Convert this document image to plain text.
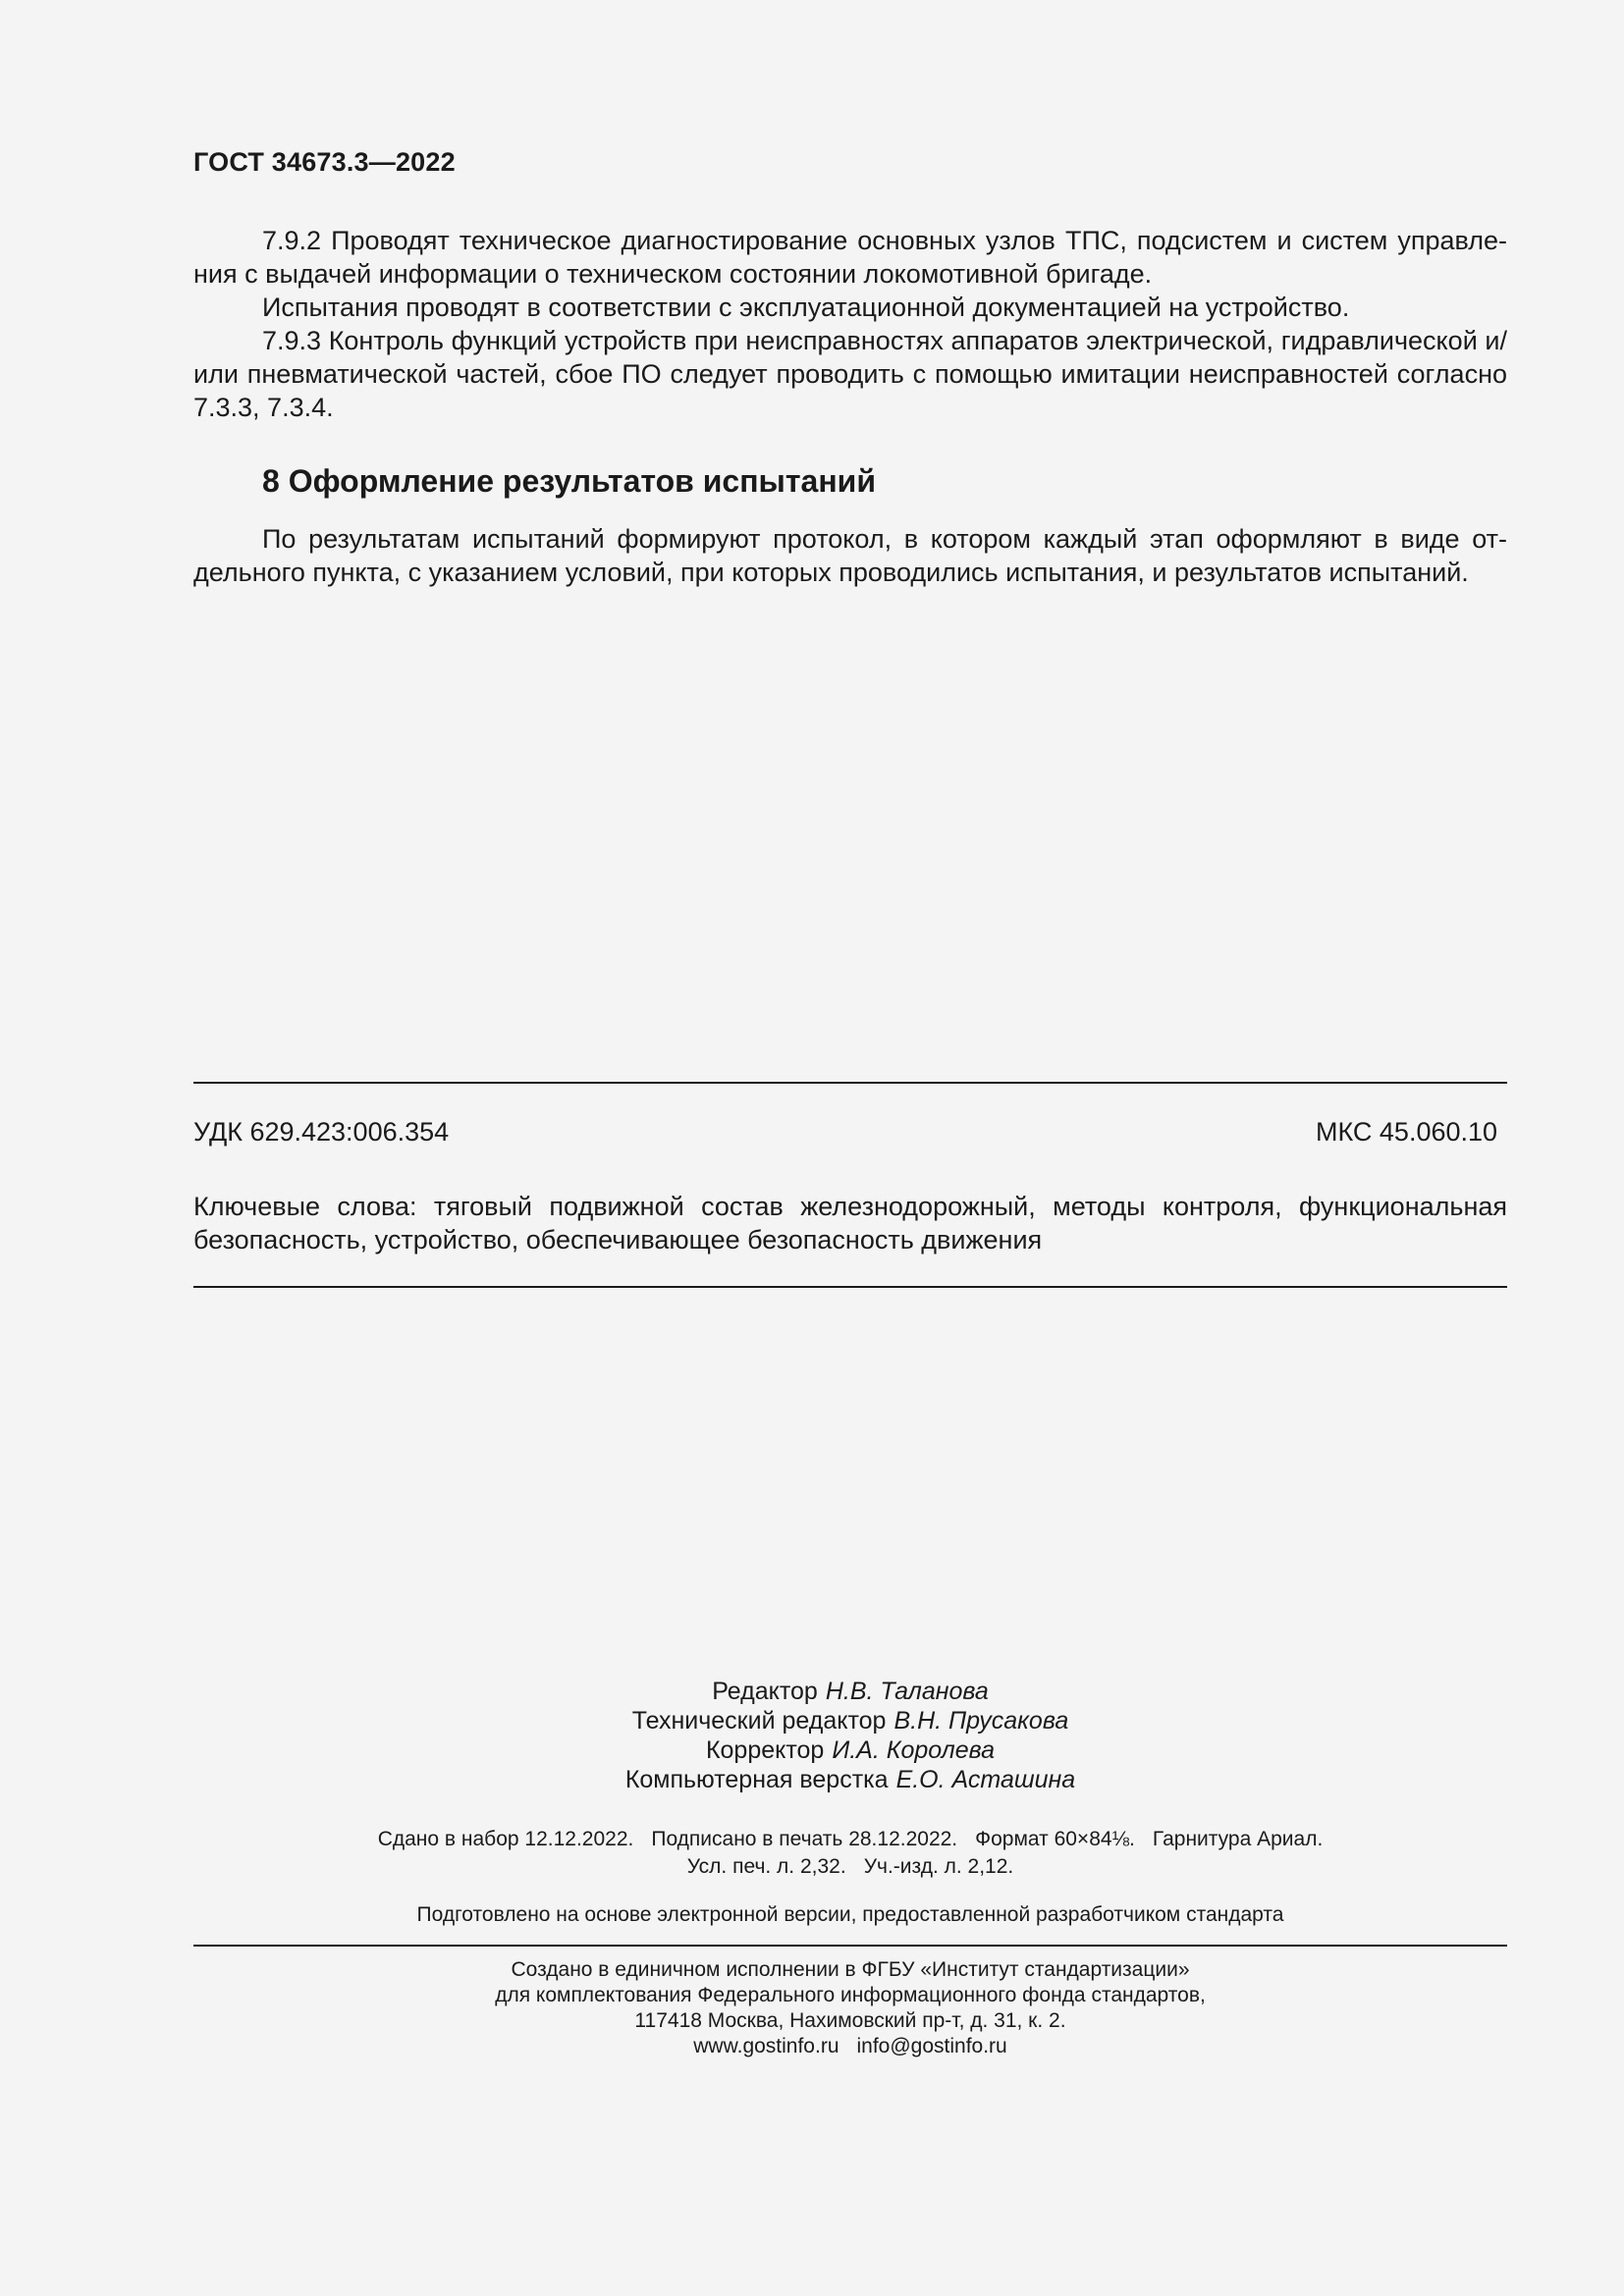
ГОСТ 34673.3—2022

7.9.2 Проводят техническое диагностирование основных узлов ТПС, подсистем и систем управления с выдачей информации о техническом состоянии локомотивной бригаде.

Испытания проводят в соответствии с эксплуатационной документацией на устройство.

7.9.3 Контроль функций устройств при неисправностях аппаратов электрической, гидравлической и/или пневматической частей, сбое ПО следует проводить с помощью имитации неисправностей согласно 7.3.3, 7.3.4.

8 Оформление результатов испытаний

По результатам испытаний формируют протокол, в котором каждый этап оформляют в виде отдельного пункта, с указанием условий, при которых проводились испытания, и результатов испытаний.

УДК 629.423:006.354	МКС 45.060.10
Ключевые слова: тяговый подвижной состав железнодорожный, методы контроля, функциональная безопасность, устройство, обеспечивающее безопасность движения
Редактор Н.В. Таланова
Технический редактор В.Н. Прусакова
Корректор И.А. Королева
Компьютерная верстка Е.О. Асташина
Сдано в набор 12.12.2022. Подписано в печать 28.12.2022. Формат 60×84⅛. Гарнитура Ариал.
Усл. печ. л. 2,32. Уч.-изд. л. 2,12.
Подготовлено на основе электронной версии, предоставленной разработчиком стандарта
Создано в единичном исполнении в ФГБУ «Институт стандартизации»
для комплектования Федерального информационного фонда стандартов,
117418 Москва, Нахимовский пр-т, д. 31, к. 2.
www.gostinfo.ru info@gostinfo.ru
